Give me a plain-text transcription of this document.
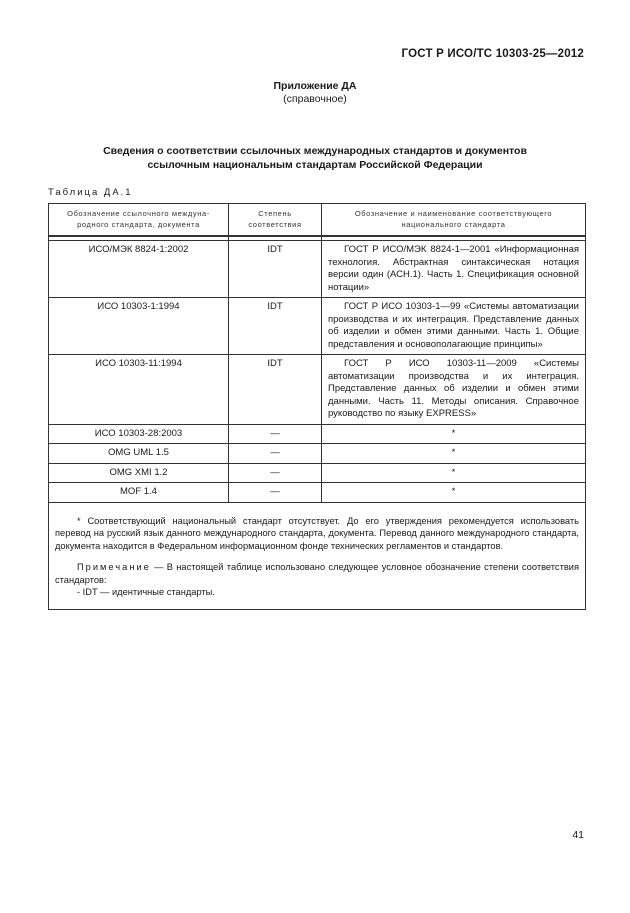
ГОСТ Р ИСО/ТС 10303-25—2012
Приложение ДА
(справочное)
Сведения о соответствии ссылочных международных стандартов и документов
ссылочным национальным стандартам Российской Федерации
Таблица ДА.1
Обозначение ссылочного междуна-родного стандарта, документа	Степень соответствия	Обозначение и наименование соответствующего национального стандарта

ИСО/МЭК 8824-1:2002	IDT	ГОСТ Р ИСО/МЭК 8824-1—2001 «Информационная технология. Абстрактная синтаксическая нотация версии один (АСН.1). Часть 1. Спецификация основной нотации»
ИСО 10303-1:1994	IDT	ГОСТ Р ИСО 10303-1—99 «Системы автоматизации производства и их интеграция. Представление данных об изделии и обмен этими данными. Часть 1. Общие представления и основополагающие принципы»
ИСО 10303-11:1994	IDT	ГОСТ Р ИСО 10303-11—2009 «Системы автоматизации производства и их интеграция. Представление данных об изделии и обмен этими данными. Часть 11. Методы описания. Справочное руководство по языку EXPRESS»
ИСО 10303-28:2003	—	*
OMG UML 1.5	—	*
OMG XMI 1.2	—	*
MOF 1.4	—	*

* Соответствующий национальный стандарт отсутствует. До его утверждения рекомендуется использовать перевод на русский язык данного международного стандарта, документа. Перевод данного международного стандарта, документа находится в Федеральном информационном фонде технических регламентов и стандартов.

Примечание — В настоящей таблице использовано следующее условное обозначение степени соответствия стандартов:

- IDT — идентичные стандарты.		

41
